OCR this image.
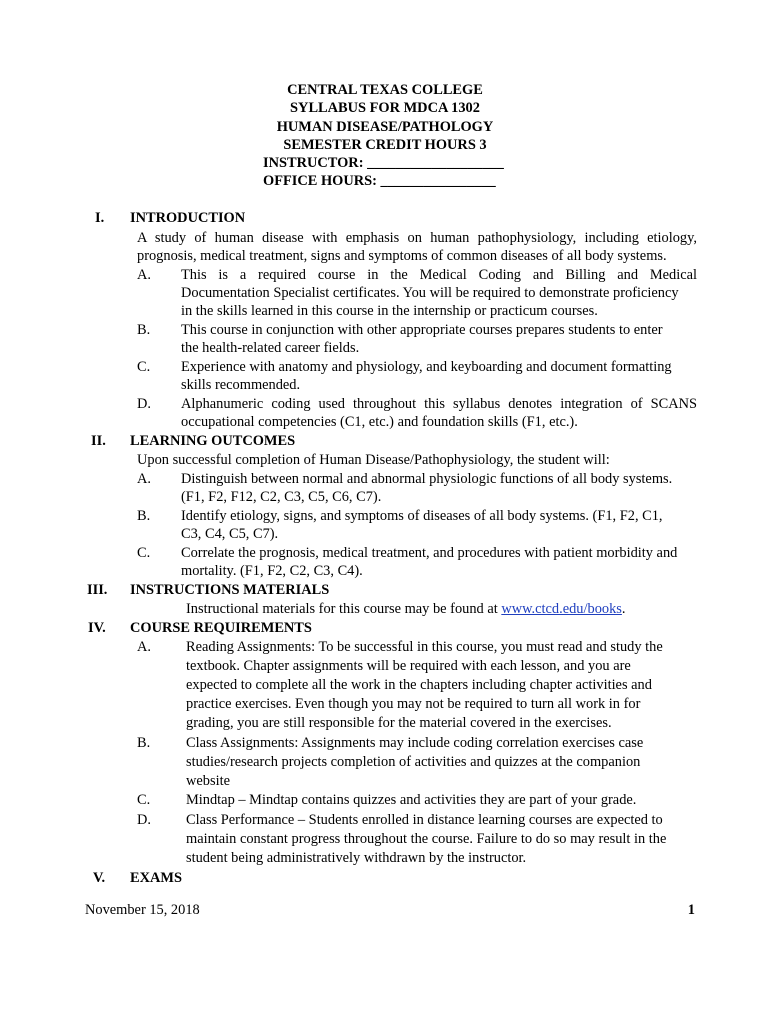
CENTRAL TEXAS COLLEGE
SYLLABUS FOR MDCA 1302
HUMAN DISEASE/PATHOLOGY
SEMESTER CREDIT HOURS 3
INSTRUCTOR: ___________________
OFFICE HOURS: ________________
I. INTRODUCTION
A study of human disease with emphasis on human pathophysiology, including etiology,
prognosis, medical treatment, signs and symptoms of common diseases of all body systems.
A. This is a required course in the Medical Coding and Billing and Medical
Documentation Specialist certificates. You will be required to demonstrate proficiency
in the skills learned in this course in the internship or practicum courses.
B. This course in conjunction with other appropriate courses prepares students to enter
the health-related career fields.
C. Experience with anatomy and physiology, and keyboarding and document formatting
skills recommended.
D. Alphanumeric coding used throughout this syllabus denotes integration of SCANS
occupational competencies (C1, etc.) and foundation skills (F1, etc.).
II. LEARNING OUTCOMES
Upon successful completion of Human Disease/Pathophysiology, the student will:
A. Distinguish between normal and abnormal physiologic functions of all body systems.
(F1, F2, F12, C2, C3, C5, C6, C7).
B. Identify etiology, signs, and symptoms of diseases of all body systems. (F1, F2, C1,
C3, C4, C5, C7).
C. Correlate the prognosis, medical treatment, and procedures with patient morbidity and
mortality. (F1, F2, C2, C3, C4).
III. INSTRUCTIONS MATERIALS
Instructional materials for this course may be found at www.ctcd.edu/books.
IV. COURSE REQUIREMENTS
A. Reading Assignments: To be successful in this course, you must read and study the
textbook. Chapter assignments will be required with each lesson, and you are
expected to complete all the work in the chapters including chapter activities and
practice exercises. Even though you may not be required to turn all work in for
grading, you are still responsible for the material covered in the exercises.
B. Class Assignments: Assignments may include coding correlation exercises case
studies/research projects completion of activities and quizzes at the companion
website
C. Mindtap – Mindtap contains quizzes and activities they are part of your grade.
D. Class Performance – Students enrolled in distance learning courses are expected to
maintain constant progress throughout the course. Failure to do so may result in the
student being administratively withdrawn by the instructor.
V. EXAMS
November 15, 2018	1
